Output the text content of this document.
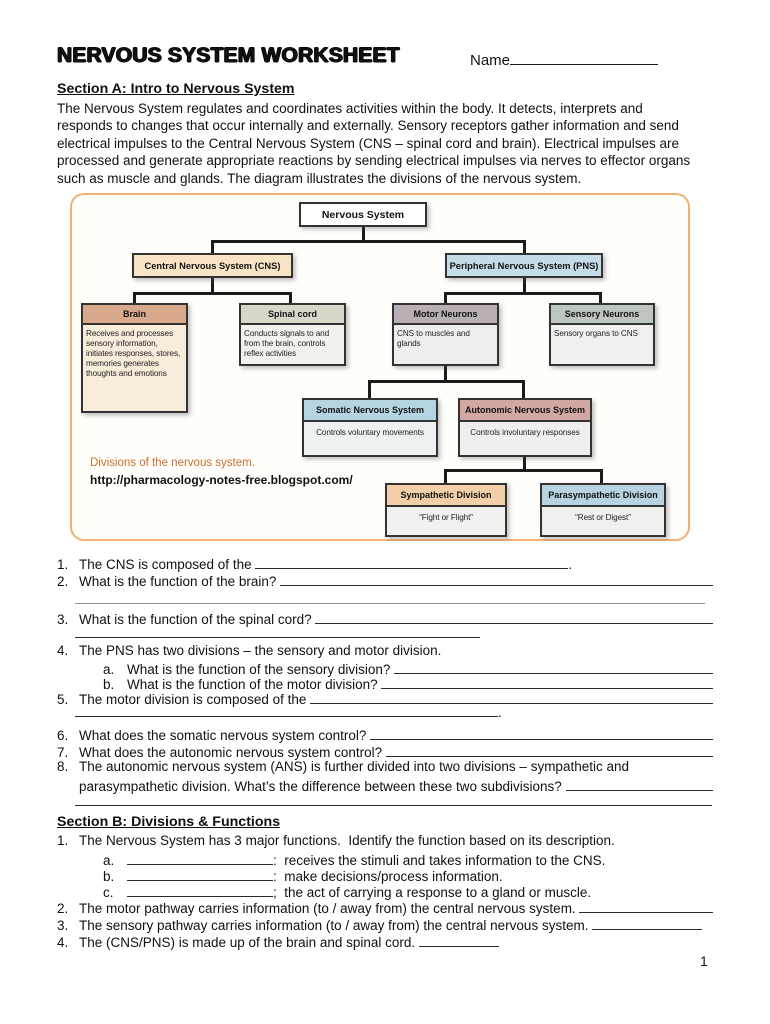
NERVOUS SYSTEM WORKSHEET	Name
Section A: Intro to Nervous System
The Nervous System regulates and coordinates activities within the body. It detects, interprets and
responds to changes that occur internally and externally. Sensory receptors gather information and send
electrical impulses to the Central Nervous System (CNS – spinal cord and brain). Electrical impulses are
processed and generate appropriate reactions by sending electrical impulses via nerves to effector organs
such as muscle and glands. The diagram illustrates the divisions of the nervous system.
Nervous System
Central Nervous System (CNS)	Peripheral Nervous System (PNS)
Brain
Receives and processes sensory information, initiates responses, stores, memories generates thoughts and emotions
Spinal cord
Conducts signals to and from the brain, controls reflex activities
Motor Neurons
CNS to muscles and glands
Sensory Neurons
Sensory organs to CNS
Somatic Nervous System
Controls voluntary movements
Autonomic Nervous System
Controls involuntary responses
Sympathetic Division
“Fight or Flight”
Parasympathetic Division
“Rest or Digest”
Divisions of the nervous system.
http://pharmacology-notes-free.blogspot.com/
1. The CNS is composed of the	.
2. What is the function of the brain?
3. What is the function of the spinal cord?
4. The PNS has two divisions – the sensory and motor division.
a. What is the function of the sensory division?
b. What is the function of the motor division?
5. The motor division is composed of the
.
6. What does the somatic nervous system control?
7. What does the autonomic nervous system control?
8. The autonomic nervous system (ANS) is further divided into two divisions – sympathetic and
parasympathetic division. What’s the difference between these two subdivisions?
Section B: Divisions & Functions
1. The Nervous System has 3 major functions.  Identify the function based on its description.
a.	:  receives the stimuli and takes information to the CNS.
b.	:  make decisions/process information.
c.	;  the act of carrying a response to a gland or muscle.
2. The motor pathway carries information (to / away from) the central nervous system.
3. The sensory pathway carries information (to / away from) the central nervous system.
4. The (CNS/PNS) is made up of the brain and spinal cord.
1
